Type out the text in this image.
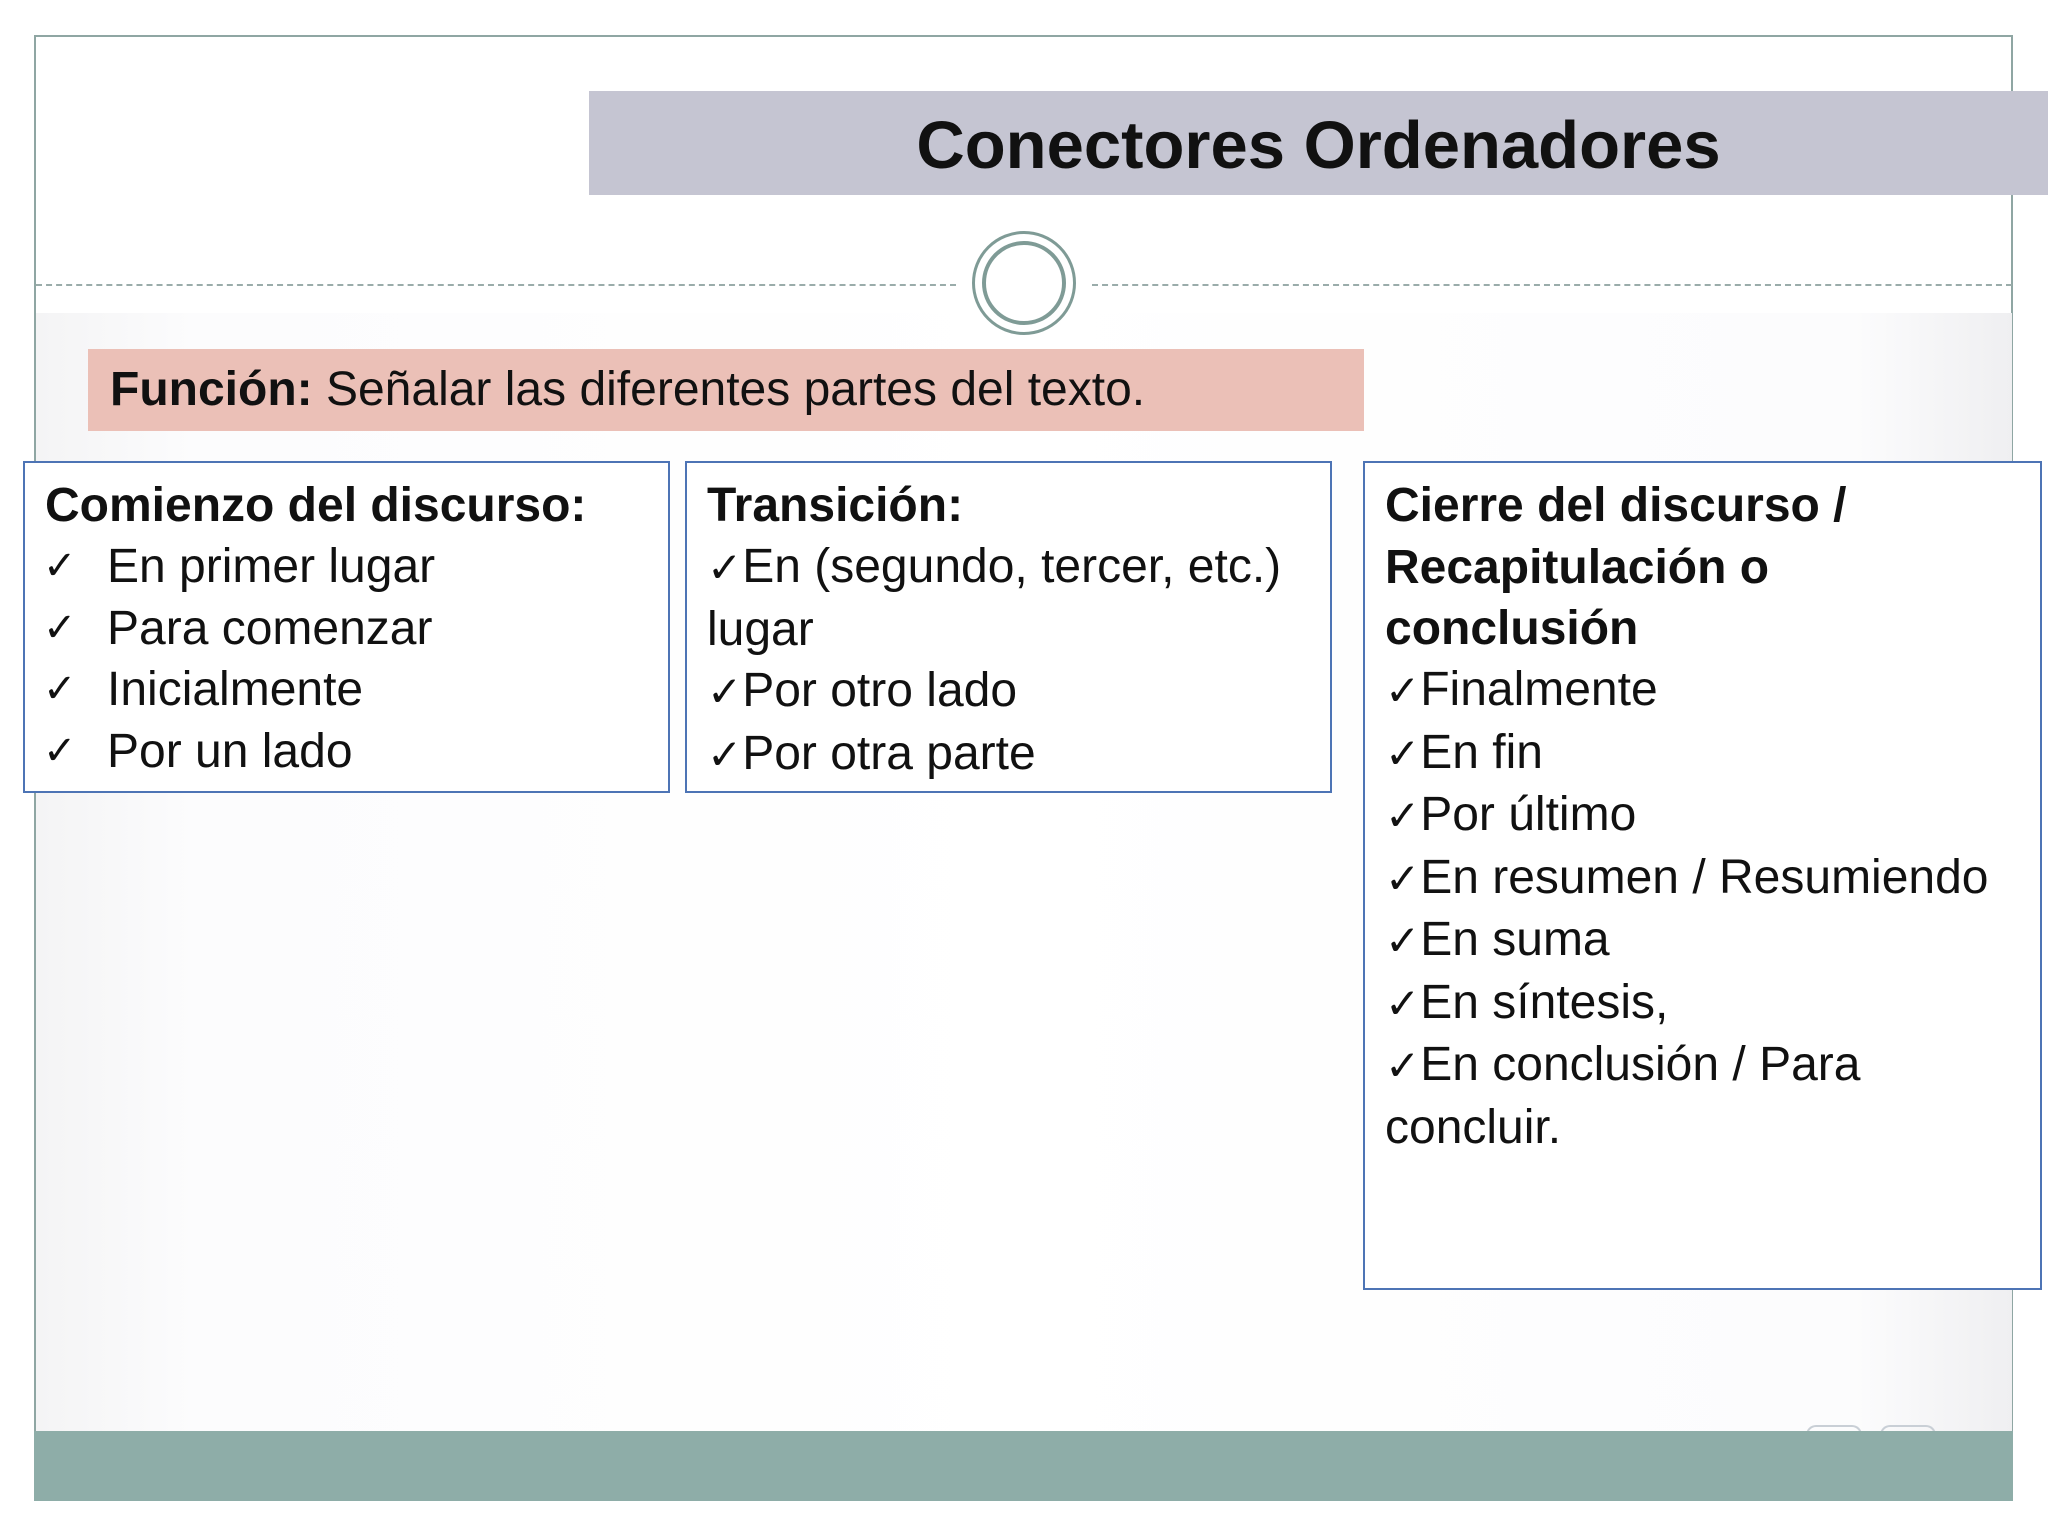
Conectores Ordenadores
Función: Señalar las diferentes partes del texto.
Comienzo del discurso:
✓ En primer lugar
✓ Para comenzar
✓ Inicialmente
✓ Por un lado
Transición:
✓En (segundo, tercer, etc.) lugar
✓Por otro lado
✓Por otra parte
Cierre del discurso / Recapitulación o conclusión
✓Finalmente
✓En fin
✓Por último
✓En resumen / Resumiendo
✓En suma
✓En síntesis,
✓En conclusión / Para concluir.
